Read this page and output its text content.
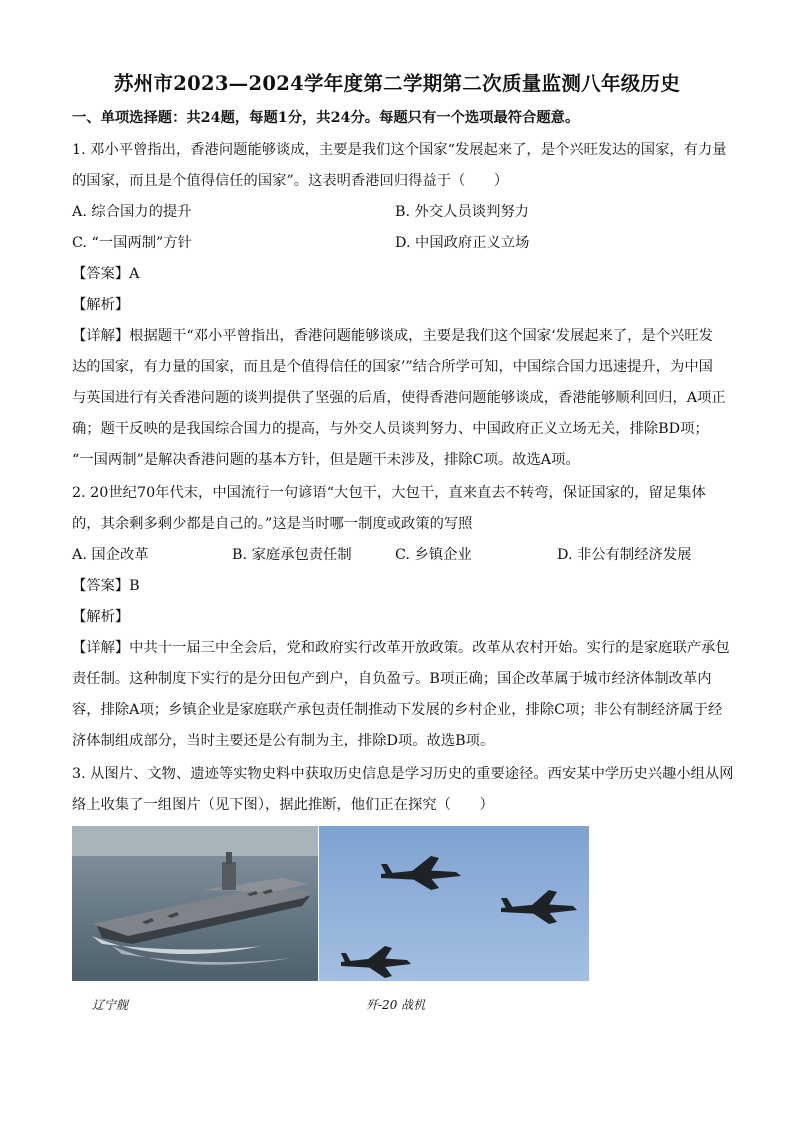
苏州市2023—2024学年度第二学期第二次质量监测八年级历史
一、单项选择题：共24题，每题1分，共24分。每题只有一个选项最符合题意。
1. 邓小平曾指出，香港问题能够谈成，主要是我们这个国家“发展起来了，是个兴旺发达的国家，有力量
的国家，而且是个值得信任的国家”。这表明香港回归得益于（　　）
A. 综合国力的提升	B. 外交人员谈判努力
C. “一国两制”方针	D. 中国政府正义立场
【答案】A
【解析】
【详解】根据题干“邓小平曾指出，香港问题能够谈成，主要是我们这个国家‘发展起来了，是个兴旺发
达的国家，有力量的国家，而且是个值得信任的国家’”结合所学可知，中国综合国力迅速提升，为中国
与英国进行有关香港问题的谈判提供了坚强的后盾，使得香港问题能够谈成，香港能够顺利回归，A项正
确；题干反映的是我国综合国力的提高，与外交人员谈判努力、中国政府正义立场无关，排除BD项；
“一国两制”是解决香港问题的基本方针，但是题干未涉及，排除C项。故选A项。
2. 20世纪70年代末，中国流行一句谚语“大包干，大包干，直来直去不转弯，保证国家的，留足集体
的，其余剩多剩少都是自己的。”这是当时哪一制度或政策的写照
A. 国企改革	B. 家庭承包责任制	C. 乡镇企业	D. 非公有制经济发展
【答案】B
【解析】
【详解】中共十一届三中全会后，党和政府实行改革开放政策。改革从农村开始。实行的是家庭联产承包
责任制。这种制度下实行的是分田包产到户，自负盈亏。B项正确；国企改革属于城市经济体制改革内
容，排除A项；乡镇企业是家庭联产承包责任制推动下发展的乡村企业，排除C项；非公有制经济属于经
济体制组成部分，当时主要还是公有制为主，排除D项。故选B项。
3. 从图片、文物、遗迹等实物史料中获取历史信息是学习历史的重要途径。西安某中学历史兴趣小组从网
络上收集了一组图片（见下图），据此推断，他们正在探究（　　）
辽宁舰	歼-20 战机
